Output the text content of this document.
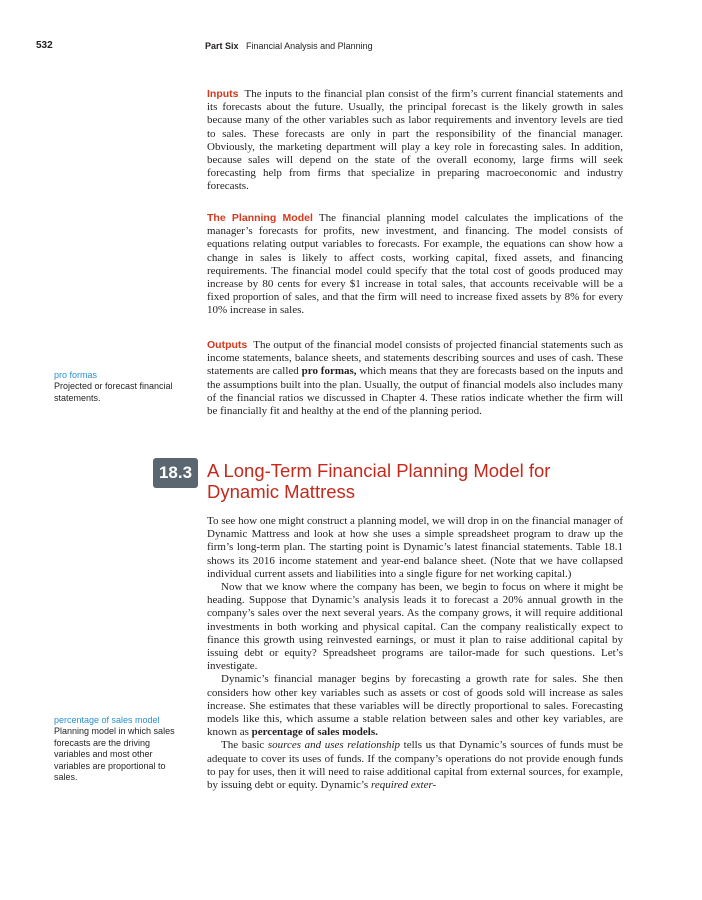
532	Part Six Financial Analysis and Planning

Inputs The inputs to the financial plan consist of the firm’s current financial statements and its forecasts about the future. Usually, the principal forecast is the likely growth in sales because many of the other variables such as labor requirements and inventory levels are tied to sales. These forecasts are only in part the responsibility of the financial manager. Obviously, the marketing department will play a key role in forecasting sales. In addition, because sales will depend on the state of the overall economy, large firms will seek forecasting help from firms that specialize in preparing macroeconomic and industry forecasts.

The Planning Model The financial planning model calculates the implications of the manager’s forecasts for profits, new investment, and financing. The model consists of equations relating output variables to forecasts. For example, the equations can show how a change in sales is likely to affect costs, working capital, fixed assets, and financing requirements. The financial model could specify that the total cost of goods produced may increase by 80 cents for every $1 increase in total sales, that accounts receivable will be a fixed proportion of sales, and that the firm will need to increase fixed assets by 8% for every 10% increase in sales.

Outputs The output of the financial model consists of projected financial statements such as income statements, balance sheets, and statements describing sources and uses of cash. These statements are called pro formas, which means that they are forecasts based on the inputs and the assumptions built into the plan. Usually, the output of financial models also includes many of the financial ratios we discussed in Chapter 4. These ratios indicate whether the firm will be financially fit and healthy at the end of the planning period.

pro formas
Projected or forecast financial statements.
18.3 A Long-Term Financial Planning Model for Dynamic Mattress

To see how one might construct a planning model, we will drop in on the financial manager of Dynamic Mattress and look at how she uses a simple spreadsheet program to draw up the firm’s long-term plan. The starting point is Dynamic’s latest financial statements. Table 18.1 shows its 2016 income statement and year-end balance sheet. (Note that we have collapsed individual current assets and liabilities into a single figure for net working capital.)

Now that we know where the company has been, we begin to focus on where it might be heading. Suppose that Dynamic’s analysis leads it to forecast a 20% annual growth in the company’s sales over the next several years. As the company grows, it will require additional investments in both working and physical capital. Can the company realistically expect to finance this growth using reinvested earnings, or must it plan to raise additional capital by issuing debt or equity? Spreadsheet programs are tailor-made for such questions. Let’s investigate.

Dynamic’s financial manager begins by forecasting a growth rate for sales. She then considers how other key variables such as assets or cost of goods sold will increase as sales increase. She estimates that these variables will be directly proportional to sales. Forecasting models like this, which assume a stable relation between sales and other key variables, are known as percentage of sales models.

The basic sources and uses relationship tells us that Dynamic’s sources of funds must be adequate to cover its uses of funds. If the company’s operations do not provide enough funds to pay for uses, then it will need to raise additional capital from external sources, for example, by issuing debt or equity. Dynamic’s required exter-

percentage of sales model
Planning model in which sales forecasts are the driving variables and most other variables are proportional to sales.
